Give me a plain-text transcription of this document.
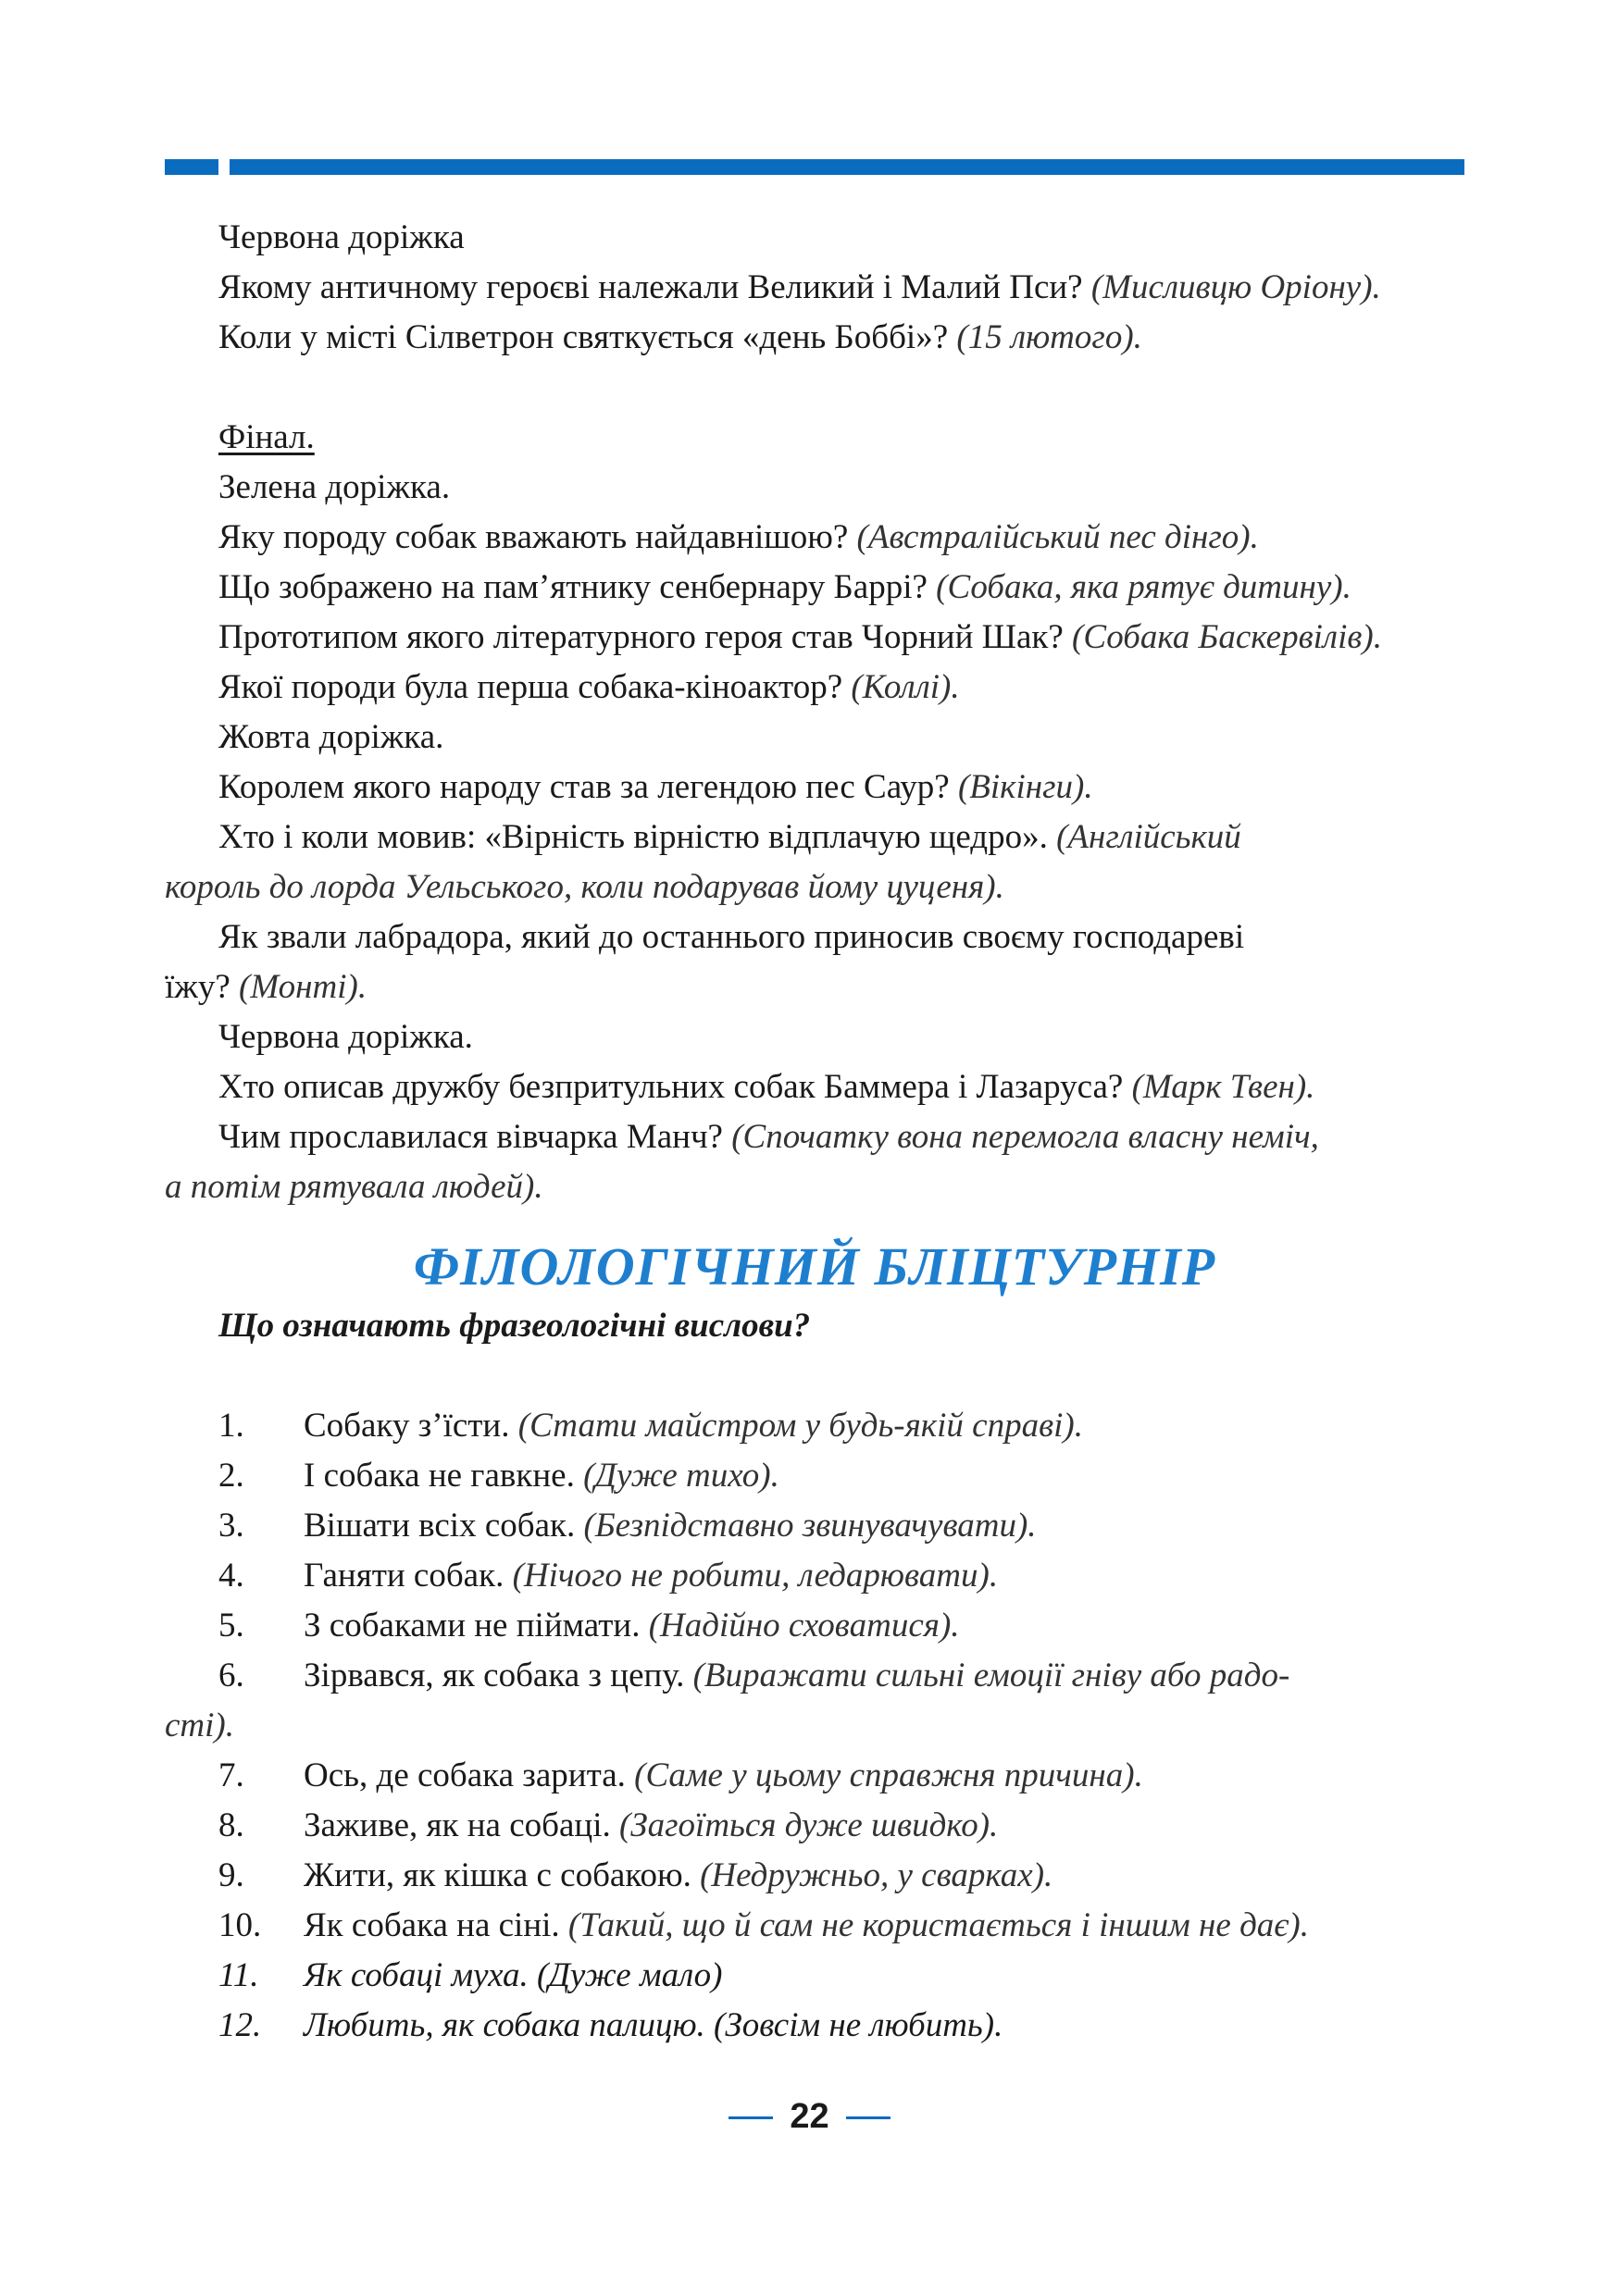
Червона доріжка
Якому античному героєві належали Великий і Малий Пси? (Мисливцю Оріону).
Коли у місті Сілветрон святкується «день Боббі»? (15 лютого).
Фінал.
Зелена доріжка.
Яку породу собак вважають найдавнішою? (Австралійський пес дінго).
Що зображено на пам’ятнику сенбернару Баррі? (Собака, яка рятує дитину).
Прототипом якого літературного героя став Чорний Шак? (Собака Баскервілів).
Якої породи була перша собака-кіноактор? (Коллі).
Жовта доріжка.
Королем якого народу став за легендою пес Саур? (Вікінги).
Хто і коли мовив: «Вірність вірністю відплачую щедро». (Англійський
король до лорда Уельського, коли подарував йому цуценя).
Як звали лабрадора, який до останнього приносив своєму господареві
їжу? (Монті).
Червона доріжка.
Хто описав дружбу безпритульних собак Баммера і Лазаруса? (Марк Твен).
Чим прославилася вівчарка Манч? (Спочатку вона перемогла власну неміч,
а потім рятувала людей).
ФІЛОЛОГІЧНИЙ БЛІЦТУРНІР
Що означають фразеологічні вислови?
1.	Собаку з’їсти. (Стати майстром у будь-якій справі).
2.	І собака не гавкне. (Дуже тихо).
3.	Вішати всіх собак. (Безпідставно звинувачувати).
4.	Ганяти собак. (Нічого не робити, ледарювати).
5.	З собаками не піймати. (Надійно сховатися).
6.	Зірвався, як собака з цепу. (Виражати сильні емоції гніву або радо-
сті).
7.	Ось, де собака зарита. (Саме у цьому справжня причина).
8.	Заживе, як на собаці. (Загоїться дуже швидко).
9.	Жити, як кішка с собакою. (Недружньо, у сварках).
10.	Як собака на сіні. (Такий, що й сам не користається і іншим не дає).
11.	Як собаці муха. (Дуже мало)
12.	Любить, як собака палицю. (Зовсім не любить).
22
